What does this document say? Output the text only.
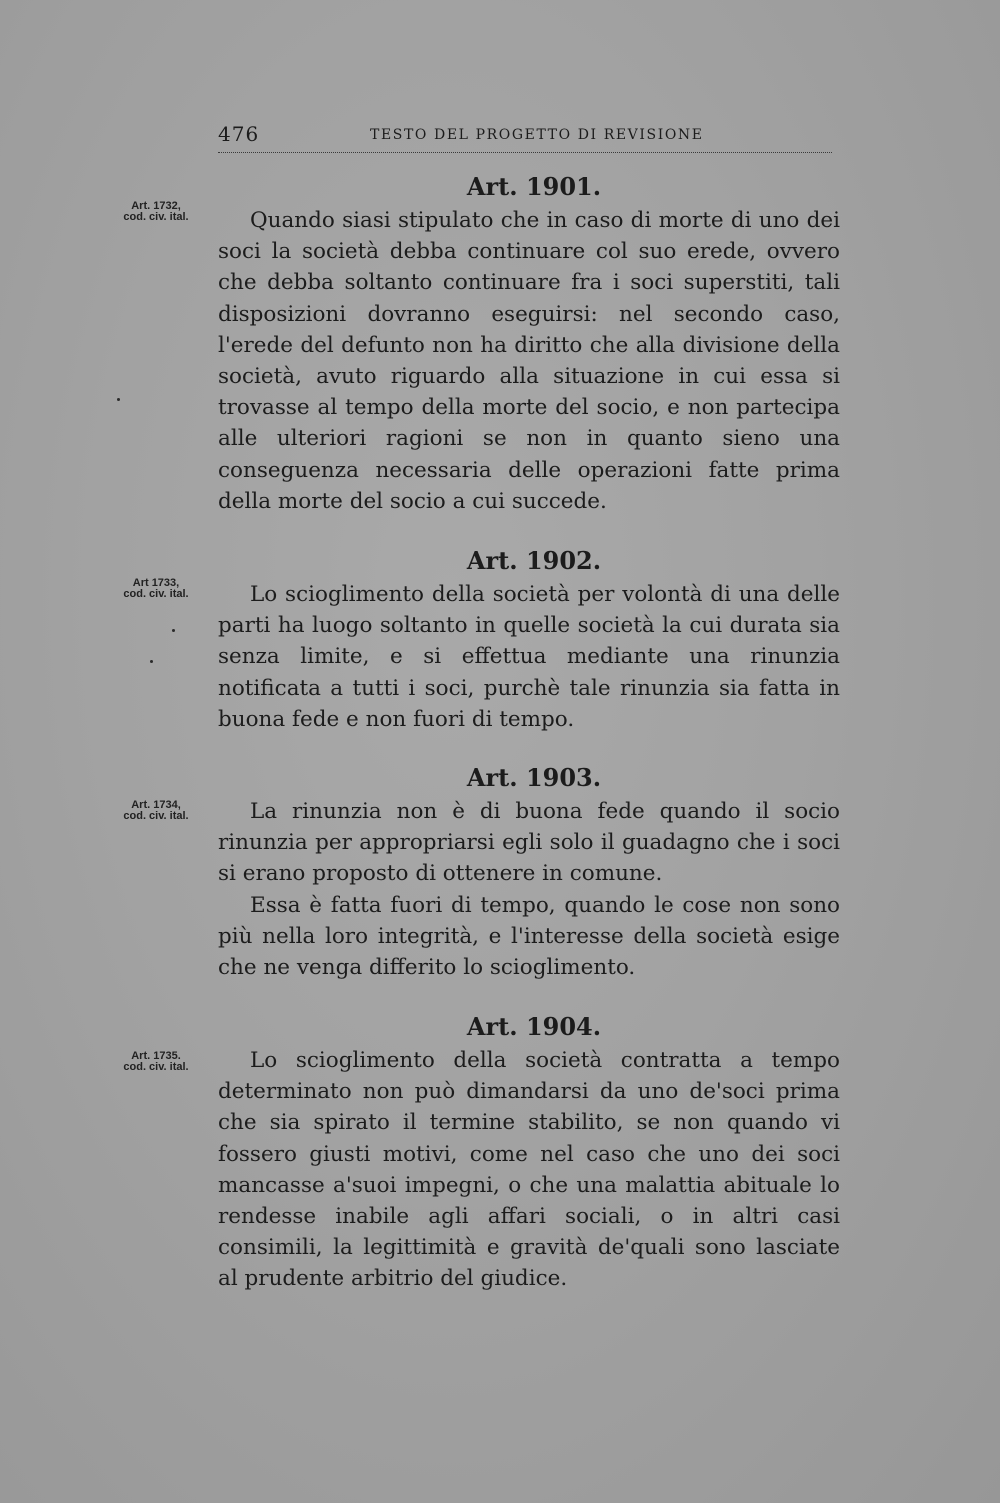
476	TESTO DEL PROGETTO DI REVISIONE
Art. 1732,
cod. civ. ital.
Art. 1901.

Quando siasi stipulato che in caso di morte di uno dei soci la società debba continuare col suo erede, ovvero che debba soltanto continuare fra i soci superstiti, tali disposizioni dovranno eseguirsi: nel secondo caso, l'erede del defunto non ha diritto che alla divisione della società, avuto riguardo alla situazione in cui essa si trovasse al tempo della morte del socio, e non partecipa alle ulteriori ragioni se non in quanto sieno una conseguenza necessaria delle operazioni fatte prima della morte del socio a cui succede.

Art 1733,
cod. civ. ital.
Art. 1902.

Lo scioglimento della società per volontà di una delle parti ha luogo soltanto in quelle società la cui durata sia senza limite, e si effettua mediante una rinunzia notificata a tutti i soci, purchè tale rinunzia sia fatta in buona fede e non fuori di tempo.

Art. 1734,
cod. civ. ital.
Art. 1903.

La rinunzia non è di buona fede quando il socio rinunzia per appropriarsi egli solo il guadagno che i soci si erano proposto di ottenere in comune.

Essa è fatta fuori di tempo, quando le cose non sono più nella loro integrità, e l'interesse della società esige che ne venga differito lo scioglimento.

Art. 1735.
cod. civ. ital.
Art. 1904.

Lo scioglimento della società contratta a tempo determinato non può dimandarsi da uno de'soci prima che sia spirato il termine stabilito, se non quando vi fossero giusti motivi, come nel caso che uno dei soci mancasse a'suoi impegni, o che una malattia abituale lo rendesse inabile agli affari sociali, o in altri casi consimili, la legittimità e gravità de'quali sono lasciate al prudente arbitrio del giudice.
